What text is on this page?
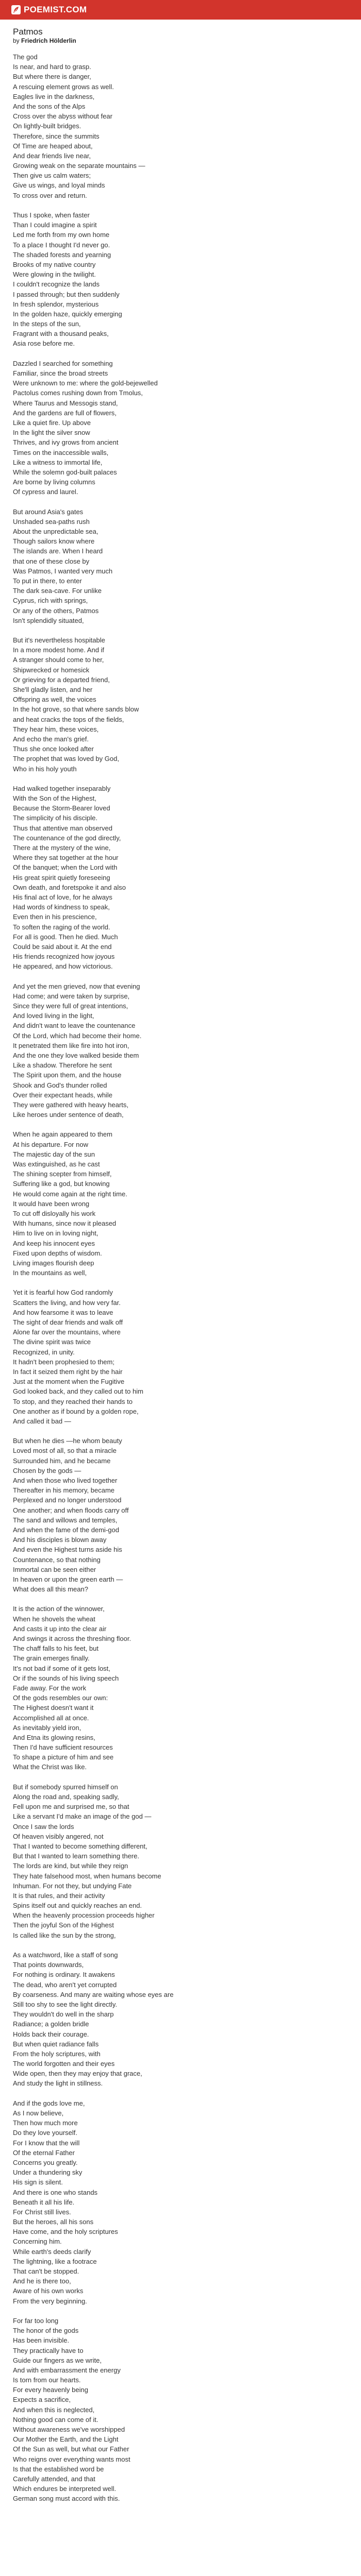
POEMIST.COM
Patmos

by Friedrich Hölderlin

The god
Is near, and hard to grasp.
But where there is danger,
A rescuing element grows as well.
Eagles live in the darkness,
And the sons of the Alps
Cross over the abyss without fear
On lightly-built bridges.
Therefore, since the summits
Of Time are heaped about,
And dear friends live near,
Growing weak on the separate mountains —
Then give us calm waters;
Give us wings, and loyal minds
To cross over and return.
Thus I spoke, when faster
Than I could imagine a spirit
Led me forth from my own home
To a place I thought I'd never go.
The shaded forests and yearning
Brooks of my native country
Were glowing in the twilight.
I couldn't recognize the lands
I passed through; but then suddenly
In fresh splendor, mysterious
In the golden haze, quickly emerging
In the steps of the sun,
Fragrant with a thousand peaks,
Asia rose before me.
Dazzled I searched for something
Familiar, since the broad streets
Were unknown to me: where the gold-bejewelled
Pactolus comes rushing down from Tmolus,
Where Taurus and Messogis stand,
And the gardens are full of flowers,
Like a quiet fire. Up above
In the light the silver snow
Thrives, and ivy grows from ancient
Times on the inaccessible walls,
Like a witness to immortal life,
While the solemn god-built palaces
Are borne by living columns
Of cypress and laurel.
But around Asia's gates
Unshaded sea-paths rush
About the unpredictable sea,
Though sailors know where
The islands are. When I heard
that one of these close by
Was Patmos, I wanted very much
To put in there, to enter
The dark sea-cave. For unlike
Cyprus, rich with springs,
Or any of the others, Patmos
Isn't splendidly situated,
But it's nevertheless hospitable
In a more modest home. And if
A stranger should come to her,
Shipwrecked or homesick
Or grieving for a departed friend,
She'll gladly listen, and her
Offspring as well, the voices
In the hot grove, so that where sands blow
and heat cracks the tops of the fields,
They hear him, these voices,
And echo the man's grief.
Thus she once looked after
The prophet that was loved by God,
Who in his holy youth
Had walked together inseparably
With the Son of the Highest,
Because the Storm-Bearer loved
The simplicity of his disciple.
Thus that attentive man observed
The countenance of the god directly,
There at the mystery of the wine,
Where they sat together at the hour
Of the banquet; when the Lord with
His great spirit quietly foreseeing
Own death, and foretspoke it and also
His final act of love, for he always
Had words of kindness to speak,
Even then in his prescience,
To soften the raging of the world.
For all is good. Then he died. Much
Could be said about it. At the end
His friends recognized how joyous
He appeared, and how victorious.
And yet the men grieved, now that evening
Had come; and were taken by surprise,
Since they were full of great intentions,
And loved living in the light,
And didn't want to leave the countenance
Of the Lord, which had become their home.
It penetrated them like fire into hot iron,
And the one they love walked beside them
Like a shadow. Therefore he sent
The Spirit upon them, and the house
Shook and God's thunder rolled
Over their expectant heads, while
They were gathered with heavy hearts,
Like heroes under sentence of death,
When he again appeared to them
At his departure. For now
The majestic day of the sun
Was extinguished, as he cast
The shining scepter from himself,
Suffering like a god, but knowing
He would come again at the right time.
It would have been wrong
To cut off disloyally his work
With humans, since now it pleased
Him to live on in loving night,
And keep his innocent eyes
Fixed upon depths of wisdom.
Living images flourish deep
In the mountains as well,
Yet it is fearful how God randomly
Scatters the living, and how very far.
And how fearsome it was to leave
The sight of dear friends and walk off
Alone far over the mountains, where
The divine spirit was twice
Recognized, in unity.
It hadn't been prophesied to them;
In fact it seized them right by the hair
Just at the moment when the Fugitive
God looked back, and they called out to him
To stop, and they reached their hands to
One another as if bound by a golden rope,
And called it bad —
But when he dies —he whom beauty
Loved most of all, so that a miracle
Surrounded him, and he became
Chosen by the gods —
And when those who lived together
Thereafter in his memory, became
Perplexed and no longer understood
One another; and when floods carry off
The sand and willows and temples,
And when the fame of the demi-god
And his disciples is blown away
And even the Highest turns aside his
Countenance, so that nothing
Immortal can be seen either
In heaven or upon the green earth —
What does all this mean?
It is the action of the winnower,
When he shovels the wheat
And casts it up into the clear air
And swings it across the threshing floor.
The chaff falls to his feet, but
The grain emerges finally.
It's not bad if some of it gets lost,
Or if the sounds of his living speech
Fade away. For the work
Of the gods resembles our own:
The Highest doesn't want it
Accomplished all at once.
As inevitably yield iron,
And Etna its glowing resins,
Then I'd have sufficient resources
To shape a picture of him and see
What the Christ was like.
But if somebody spurred himself on
Along the road and, speaking sadly,
Fell upon me and surprised me, so that
Like a servant I'd make an image of the god —
Once I saw the lords
Of heaven visibly angered, not
That I wanted to become something different,
But that I wanted to learn something there.
The lords are kind, but while they reign
They hate falsehood most, when humans become
Inhuman. For not they, but undying Fate
It is that rules, and their activity
Spins itself out and quickly reaches an end.
When the heavenly procession proceeds higher
Then the joyful Son of the Highest
Is called like the sun by the strong,
As a watchword, like a staff of song
That points downwards,
For nothing is ordinary. It awakens
The dead, who aren't yet corrupted
By coarseness. And many are waiting whose eyes are
Still too shy to see the light directly.
They wouldn't do well in the sharp
Radiance; a golden bridle
Holds back their courage.
But when quiet radiance falls
From the holy scriptures, with
The world forgotten and their eyes
Wide open, then they may enjoy that grace,
And study the light in stillness.
And if the gods love me,
As I now believe,
Then how much more
Do they love yourself.
For I know that the will
Of the eternal Father
Concerns you greatly.
Under a thundering sky
His sign is silent.
And there is one who stands
Beneath it all his life.
For Christ still lives.
But the heroes, all his sons
Have come, and the holy scriptures
Concerning him.
While earth's deeds clarify
The lightning, like a footrace
That can't be stopped.
And he is there too,
Aware of his own works
From the very beginning.
For far too long
The honor of the gods
Has been invisible.
They practically have to
Guide our fingers as we write,
And with embarrassment the energy
Is torn from our hearts.
For every heavenly being
Expects a sacrifice,
And when this is neglected,
Nothing good can come of it.
Without awareness we've worshipped
Our Mother the Earth, and the Light
Of the Sun as well, but what our Father
Who reigns over everything wants most
Is that the established word be
Carefully attended, and that
Which endures be interpreted well.
German song must accord with this.
